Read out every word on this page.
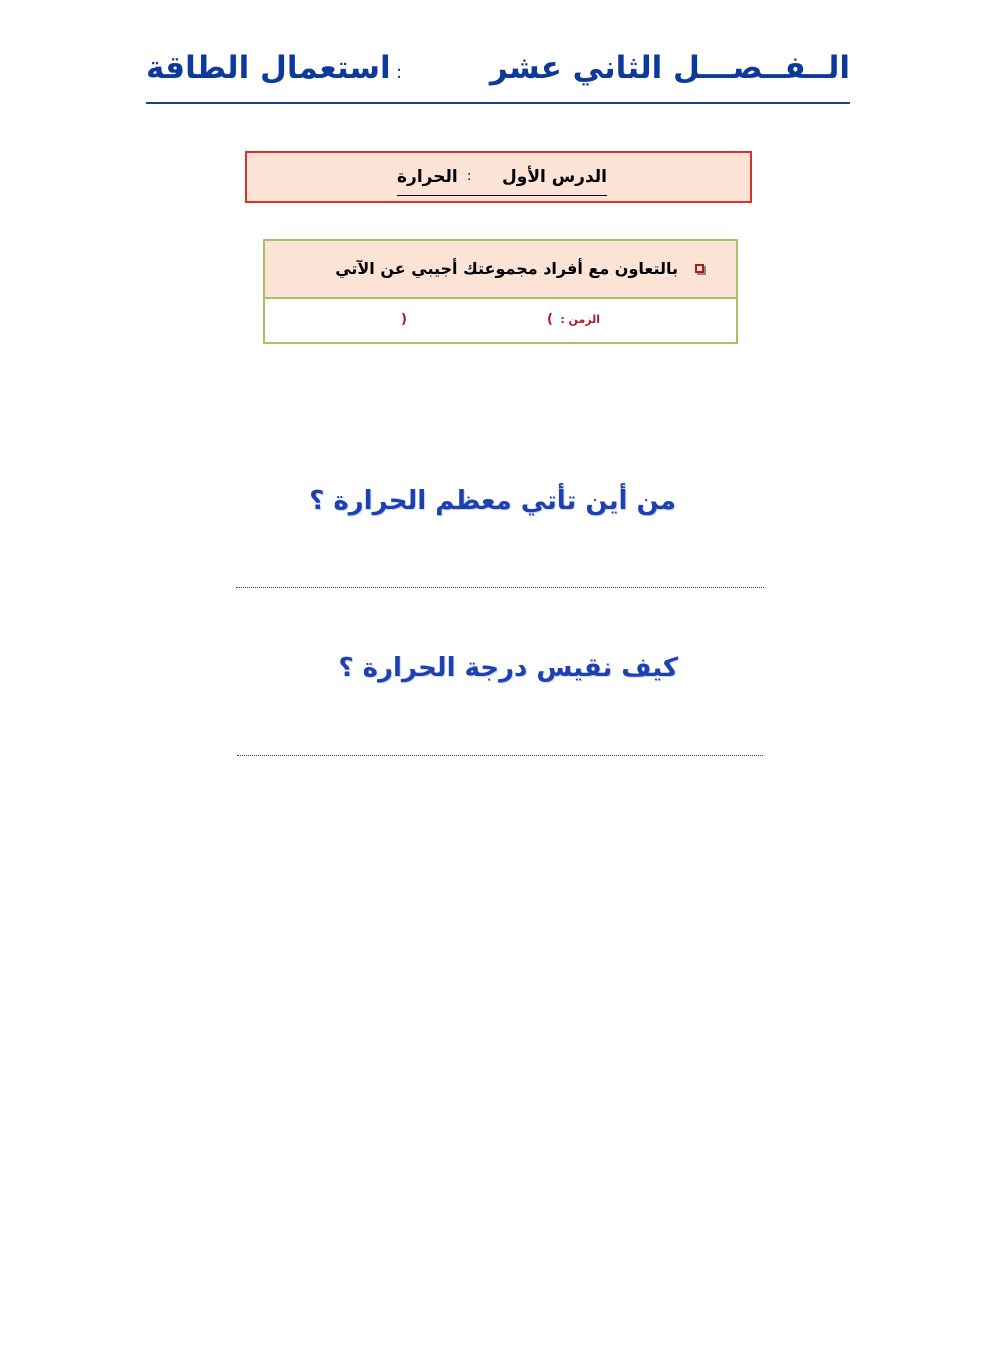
الــفــصـــل الثاني عشر
:
استعمال الطاقة
الدرس الأول
:
الحرارة
بالتعاون مع أفراد مجموعتك أجيبي عن الآتي
الزمن :
(
)
من أين تأتي معظم الحرارة ؟
كيف نقيس درجة الحرارة ؟
